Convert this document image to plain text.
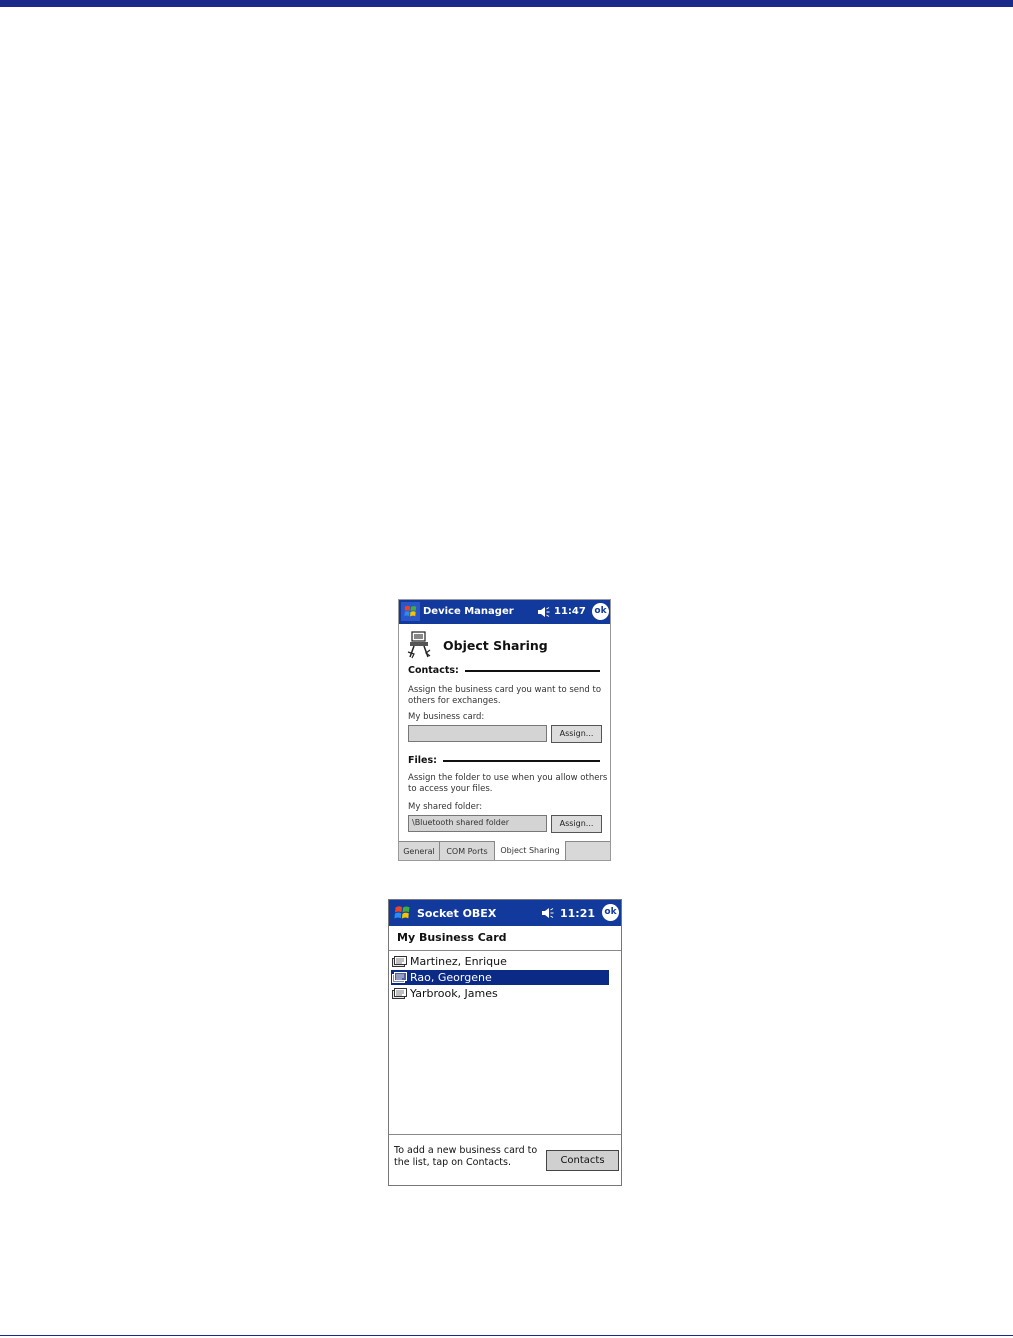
Device Manager	11:47 ok
Object Sharing
Contacts:
Assign the business card you want to send to others for exchanges.
My business card:
Assign...
Files:
Assign the folder to use when you allow others to access your files.
My shared folder:
\Bluetooth shared folder	Assign...
General	COM Ports	Object Sharing
Socket OBEX	11:21 ok
My Business Card
Martinez, Enrique
Rao, Georgene
Yarbrook, James
To add a new business card to the list, tap on Contacts.	Contacts
